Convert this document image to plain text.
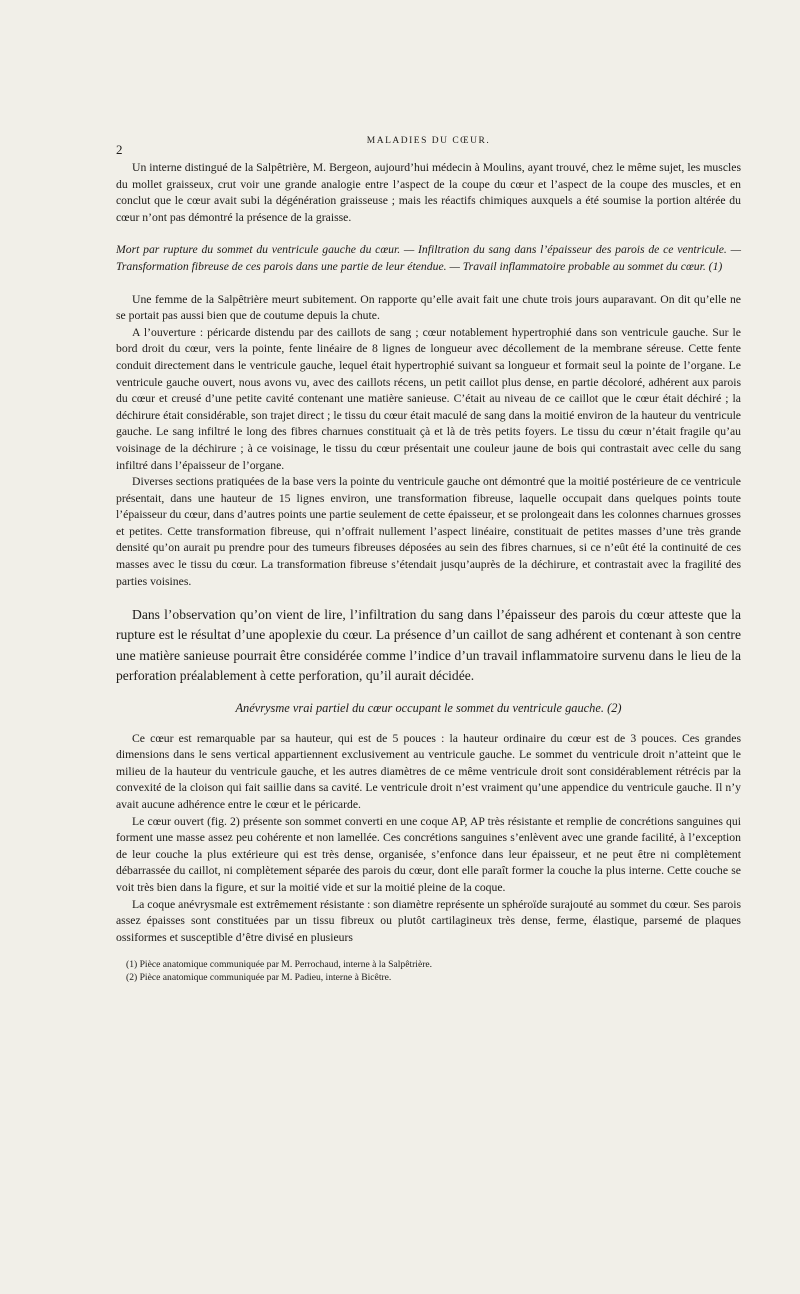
2
MALADIES DU CŒUR.

Un interne distingué de la Salpêtrière, M. Bergeon, aujourd’hui médecin à Moulins, ayant trouvé, chez le même sujet, les muscles du mollet graisseux, crut voir une grande analogie entre l’aspect de la coupe du cœur et l’aspect de la coupe des muscles, et en conclut que le cœur avait subi la dégénération graisseuse ; mais les réactifs chimiques auxquels a été soumise la portion altérée du cœur n’ont pas démontré la présence de la graisse.

Mort par rupture du sommet du ventricule gauche du cœur. — Infiltration du sang dans l’épaisseur des parois de ce ventricule. — Transformation fibreuse de ces parois dans une partie de leur étendue. — Travail inflammatoire probable au sommet du cœur. (1)

Une femme de la Salpêtrière meurt subitement. On rapporte qu’elle avait fait une chute trois jours auparavant. On dit qu’elle ne se portait pas aussi bien que de coutume depuis la chute.

A l’ouverture : péricarde distendu par des caillots de sang ; cœur notablement hypertrophié dans son ventricule gauche. Sur le bord droit du cœur, vers la pointe, fente linéaire de 8 lignes de longueur avec décollement de la membrane séreuse. Cette fente conduit directement dans le ventricule gauche, lequel était hypertrophié suivant sa longueur et formait seul la pointe de l’organe. Le ventricule gauche ouvert, nous avons vu, avec des caillots récens, un petit caillot plus dense, en partie décoloré, adhérent aux parois du cœur et creusé d’une petite cavité contenant une matière sanieuse. C’était au niveau de ce caillot que le cœur était déchiré ; la déchirure était considérable, son trajet direct ; le tissu du cœur était maculé de sang dans la moitié environ de la hauteur du ventricule gauche. Le sang infiltré le long des fibres charnues constituait çà et là de très petits foyers. Le tissu du cœur n’était fragile qu’au voisinage de la déchirure ; à ce voisinage, le tissu du cœur présentait une couleur jaune de bois qui contrastait avec celle du sang infiltré dans l’épaisseur de l’organe.

Diverses sections pratiquées de la base vers la pointe du ventricule gauche ont démontré que la moitié postérieure de ce ventricule présentait, dans une hauteur de 15 lignes environ, une transformation fibreuse, laquelle occupait dans quelques points toute l’épaisseur du cœur, dans d’autres points une partie seulement de cette épaisseur, et se prolongeait dans les colonnes charnues grosses et petites. Cette transformation fibreuse, qui n’offrait nullement l’aspect linéaire, constituait de petites masses d’une très grande densité qu’on aurait pu prendre pour des tumeurs fibreuses déposées au sein des fibres charnues, si ce n’eût été la continuité de ces masses avec le tissu du cœur. La transformation fibreuse s’étendait jusqu’auprès de la déchirure, et contrastait avec la fragilité des parties voisines.

Dans l’observation qu’on vient de lire, l’infiltration du sang dans l’épaisseur des parois du cœur atteste que la rupture est le résultat d’une apoplexie du cœur. La présence d’un caillot de sang adhérent et contenant à son centre une matière sanieuse pourrait être considérée comme l’indice d’un travail inflammatoire survenu dans le lieu de la perforation préalablement à cette perforation, qu’il aurait décidée.

Anévrysme vrai partiel du cœur occupant le sommet du ventricule gauche. (2)

Ce cœur est remarquable par sa hauteur, qui est de 5 pouces : la hauteur ordinaire du cœur est de 3 pouces. Ces grandes dimensions dans le sens vertical appartiennent exclusivement au ventricule gauche. Le sommet du ventricule droit n’atteint que le milieu de la hauteur du ventricule gauche, et les autres diamètres de ce même ventricule droit sont considérablement rétrécis par la convexité de la cloison qui fait saillie dans sa cavité. Le ventricule droit n’est vraiment qu’une appendice du ventricule gauche. Il n’y avait aucune adhérence entre le cœur et le péricarde.

Le cœur ouvert (fig. 2) présente son sommet converti en une coque AP, AP très résistante et remplie de concrétions sanguines qui forment une masse assez peu cohérente et non lamellée. Ces concrétions sanguines s’enlèvent avec une grande facilité, à l’exception de leur couche la plus extérieure qui est très dense, organisée, s’enfonce dans leur épaisseur, et ne peut être ni complètement débarrassée du caillot, ni complètement séparée des parois du cœur, dont elle paraît former la couche la plus interne. Cette couche se voit très bien dans la figure, et sur la moitié vide et sur la moitié pleine de la coque.

La coque anévrysmale est extrêmement résistante : son diamètre représente un sphéroïde surajouté au sommet du cœur. Ses parois assez épaisses sont constituées par un tissu fibreux ou plutôt cartilagineux très dense, ferme, élastique, parsemé de plaques ossiformes et susceptible d’être divisé en plusieurs

(1) Pièce anatomique communiquée par M. Perrochaud, interne à la Salpêtrière.
(2) Pièce anatomique communiquée par M. Padieu, interne à Bicêtre.
